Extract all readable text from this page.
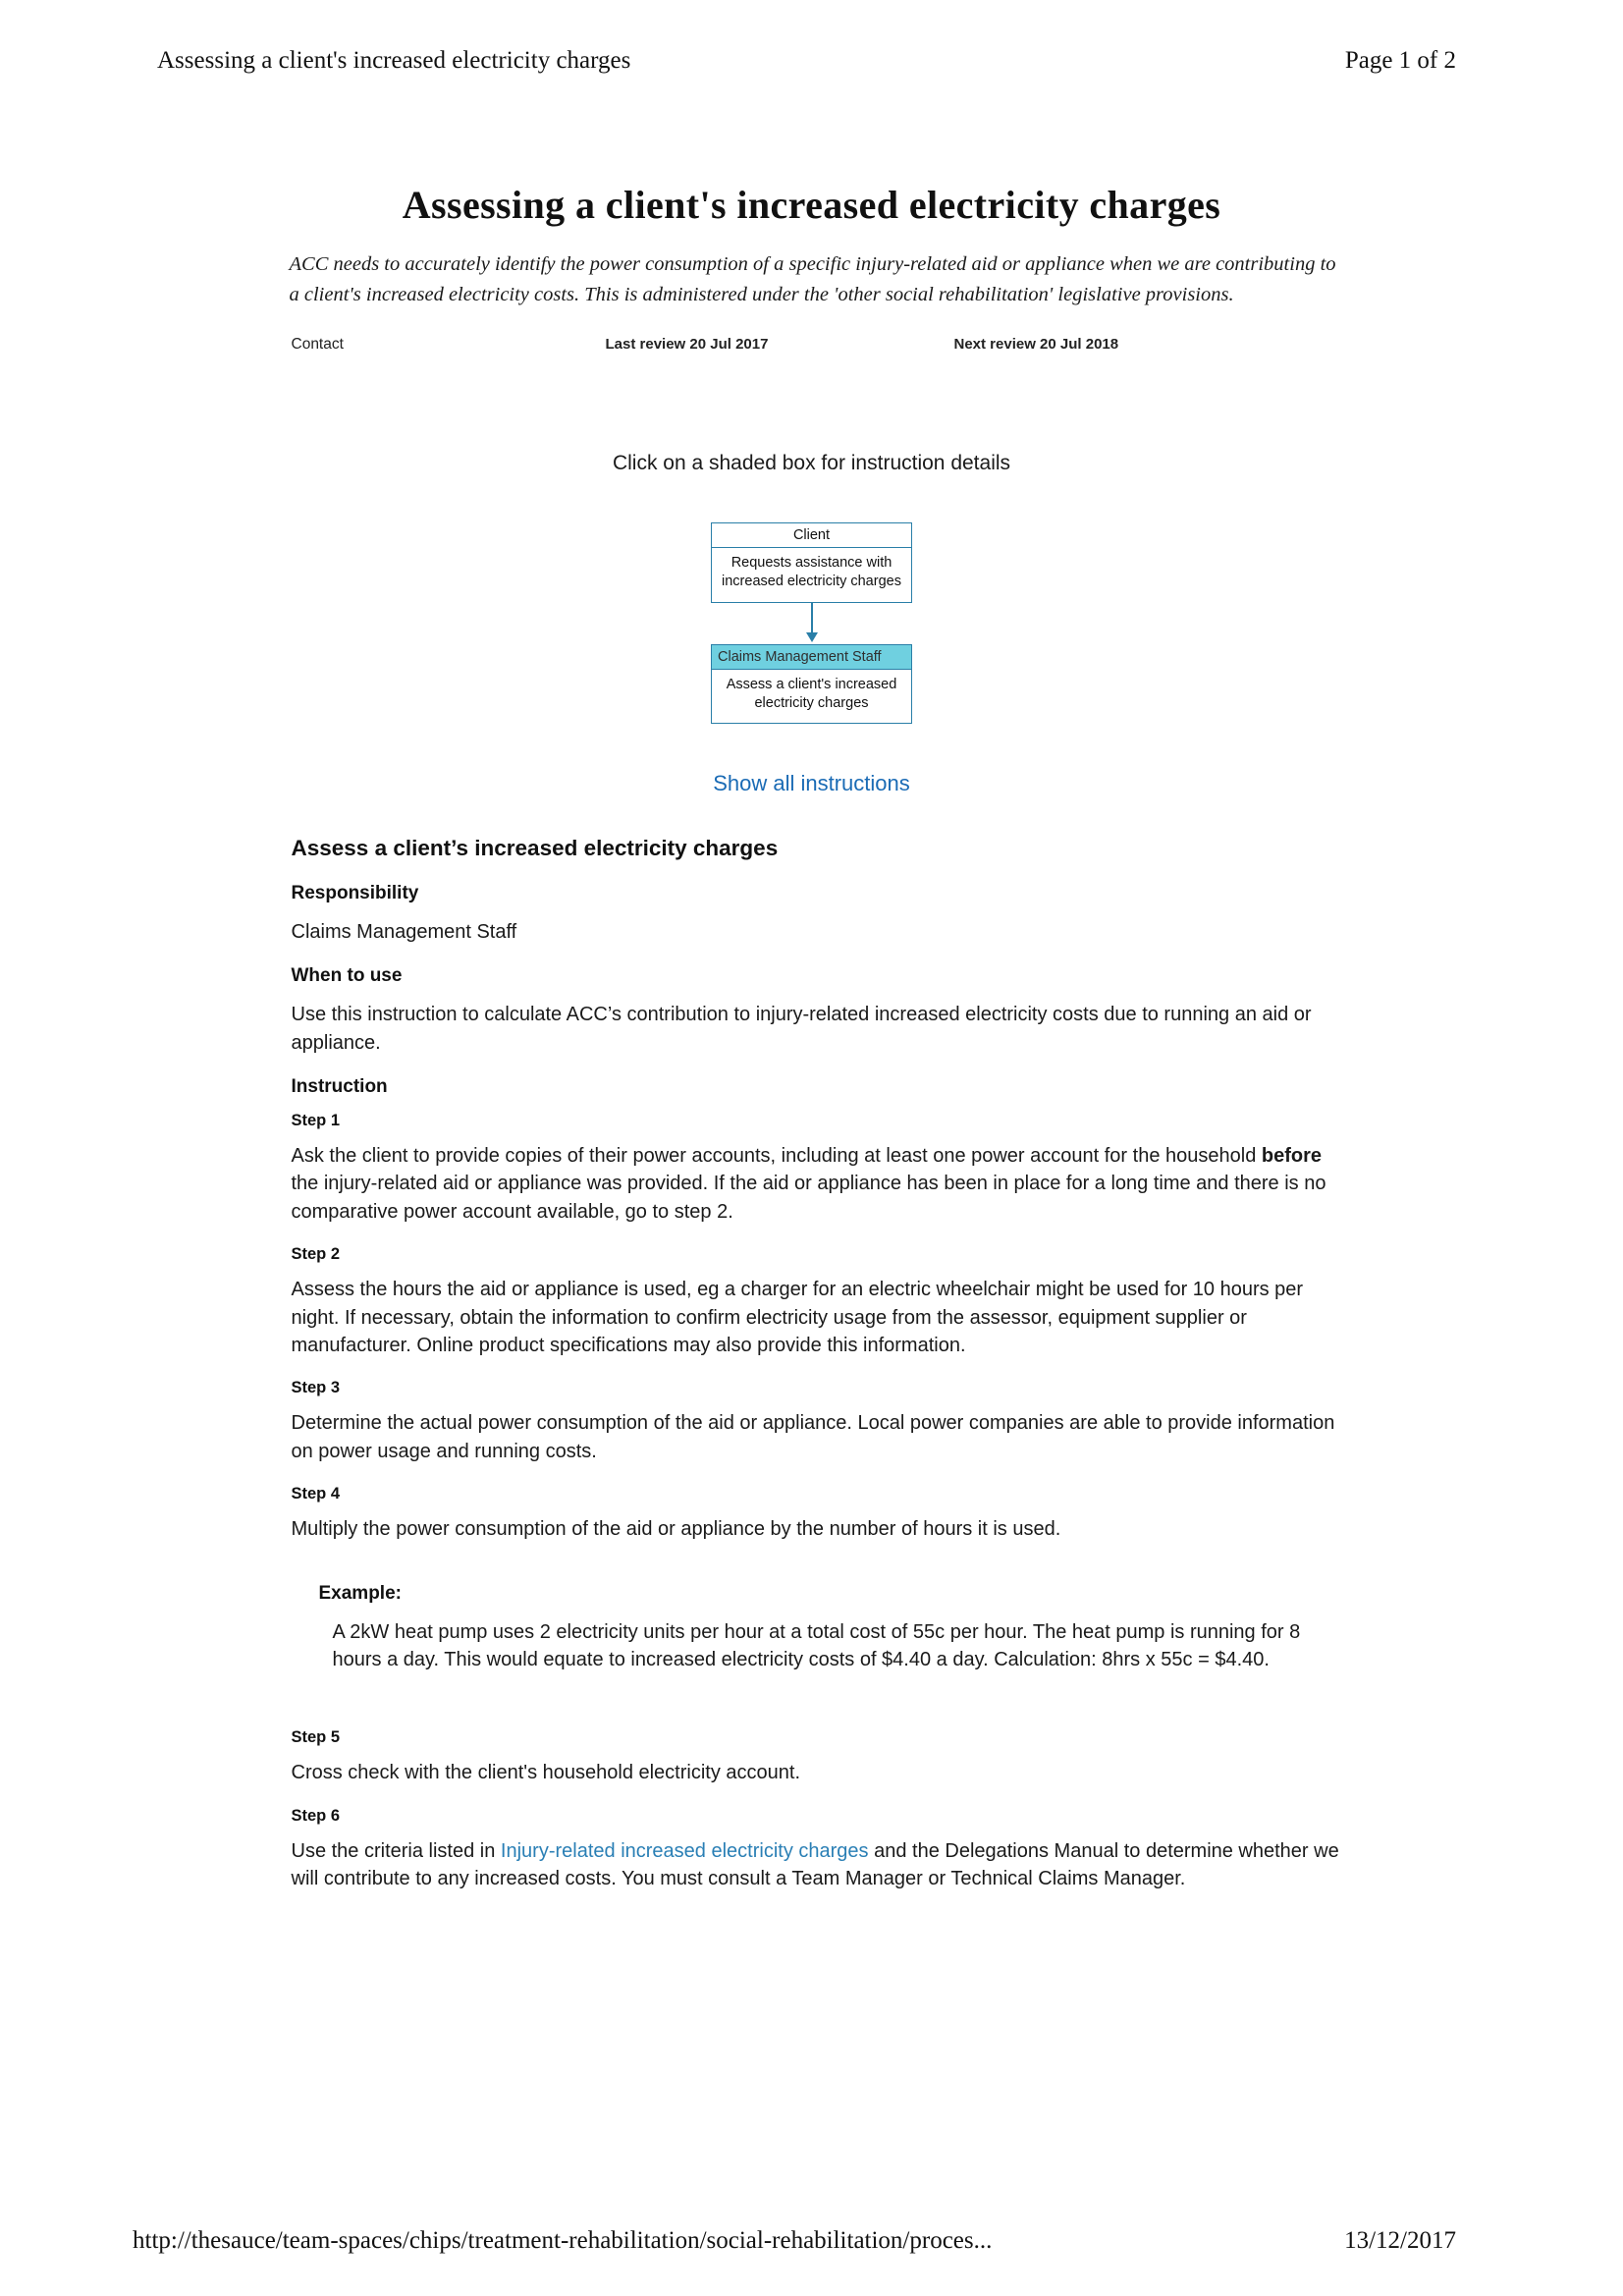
Assessing a client's increased electricity charges	Page 1 of 2
Assessing a client's increased electricity charges
ACC needs to accurately identify the power consumption of a specific injury-related aid or appliance when we are contributing to a client's increased electricity costs. This is administered under the 'other social rehabilitation' legislative provisions.
Contact	Last review 20 Jul 2017	Next review 20 Jul 2018
Click on a shaded box for instruction details
Client
Requests assistance with increased electricity charges
Claims Management Staff
Assess a client's increased electricity charges
Show all instructions
Assess a client’s increased electricity charges
Responsibility
Claims Management Staff
When to use
Use this instruction to calculate ACC’s contribution to injury-related increased electricity costs due to running an aid or appliance.
Instruction
Step 1
Ask the client to provide copies of their power accounts, including at least one power account for the household before the injury-related aid or appliance was provided. If the aid or appliance has been in place for a long time and there is no comparative power account available, go to step 2.
Step 2
Assess the hours the aid or appliance is used, eg a charger for an electric wheelchair might be used for 10 hours per night. If necessary, obtain the information to confirm electricity usage from the assessor, equipment supplier or manufacturer. Online product specifications may also provide this information.
Step 3
Determine the actual power consumption of the aid or appliance. Local power companies are able to provide information on power usage and running costs.
Step 4
Multiply the power consumption of the aid or appliance by the number of hours it is used.
Example:
A 2kW heat pump uses 2 electricity units per hour at a total cost of 55c per hour. The heat pump is running for 8 hours a day. This would equate to increased electricity costs of $4.40 a day. Calculation: 8hrs x 55c = $4.40.
Step 5
Cross check with the client's household electricity account.
Step 6
Use the criteria listed in Injury-related increased electricity charges and the Delegations Manual to determine whether we will contribute to any increased costs. You must consult a Team Manager or Technical Claims Manager.
http://thesauce/team-spaces/chips/treatment-rehabilitation/social-rehabilitation/proces...	13/12/2017
